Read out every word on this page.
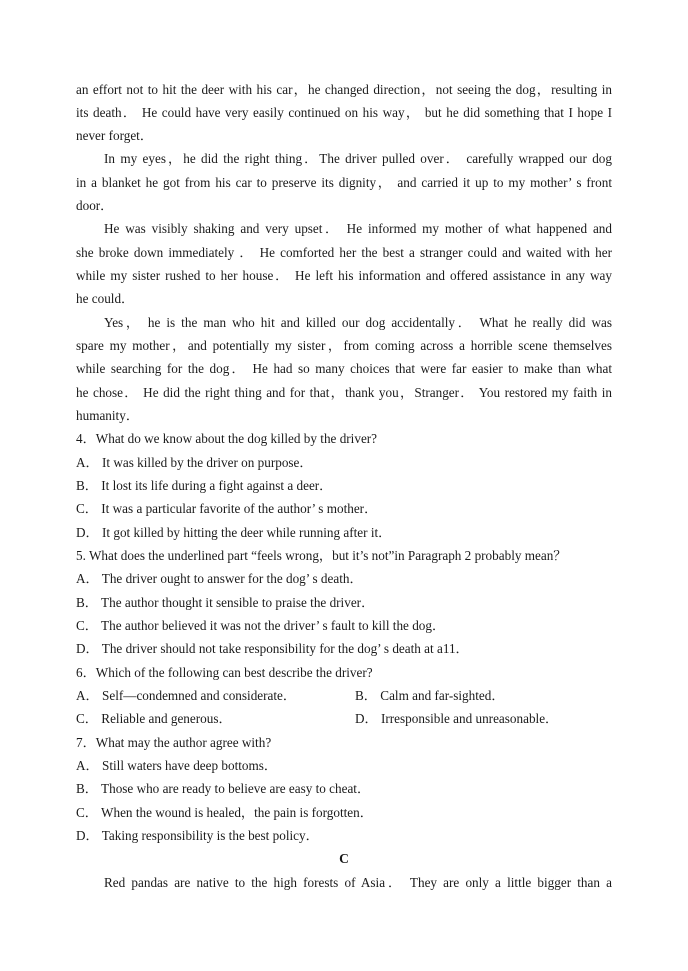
an effort not to hit the deer with his car，he changed direction，not seeing the dog，resulting in
its death． He could have very easily continued on his way， but he did something that I hope I
never forget．
In my eyes，he did the right thing．The driver pulled over． carefully wrapped our dog
in a blanket he got from his car to preserve its dignity， and carried it up to my mother’ s front
door．
He was visibly shaking and very upset． He informed my mother of what happened and
she broke down immediately ． He comforted her the best a stranger could and waited with her
while my sister rushed to her house． He left his information and offered assistance in any way
he could．
Yes， he is the man who hit and killed our dog accidentally． What he really did was
spare my mother，and potentially my sister，from coming across a horrible scene themselves
while searching for the dog． He had so many choices that were far easier to make than what
he chose． He did the right thing and for that，thank you，Stranger． You restored my faith in
humanity．
4．What do we know about the dog killed by the driver?
A． It was killed by the driver on purpose．
B． It lost its life during a fight against a deer．
C． It was a particular favorite of the author’ s mother．
D． It got killed by hitting the deer while running after it．
5. What does the underlined part “feels wrong，but it’s not”in Paragraph 2 probably mean？
A． The driver ought to answer for the dog’ s death．
B． The author thought it sensible to praise the driver．
C． The author believed it was not the driver’ s fault to kill the dog．
D． The driver should not take responsibility for the dog’ s death at a11．
6．Which of the following can best describe the driver?
A． Self—condemned and considerate．	B． Calm and far-sighted．
C． Reliable and generous．	D． Irresponsible and unreasonable．
7．What may the author agree with?
A． Still waters have deep bottoms．
B． Those who are ready to believe are easy to cheat．
C． When the wound is healed，the pain is forgotten．
D． Taking responsibility is the best policy．
C
Red pandas are native to the high forests of Asia． They are only a little bigger than a
